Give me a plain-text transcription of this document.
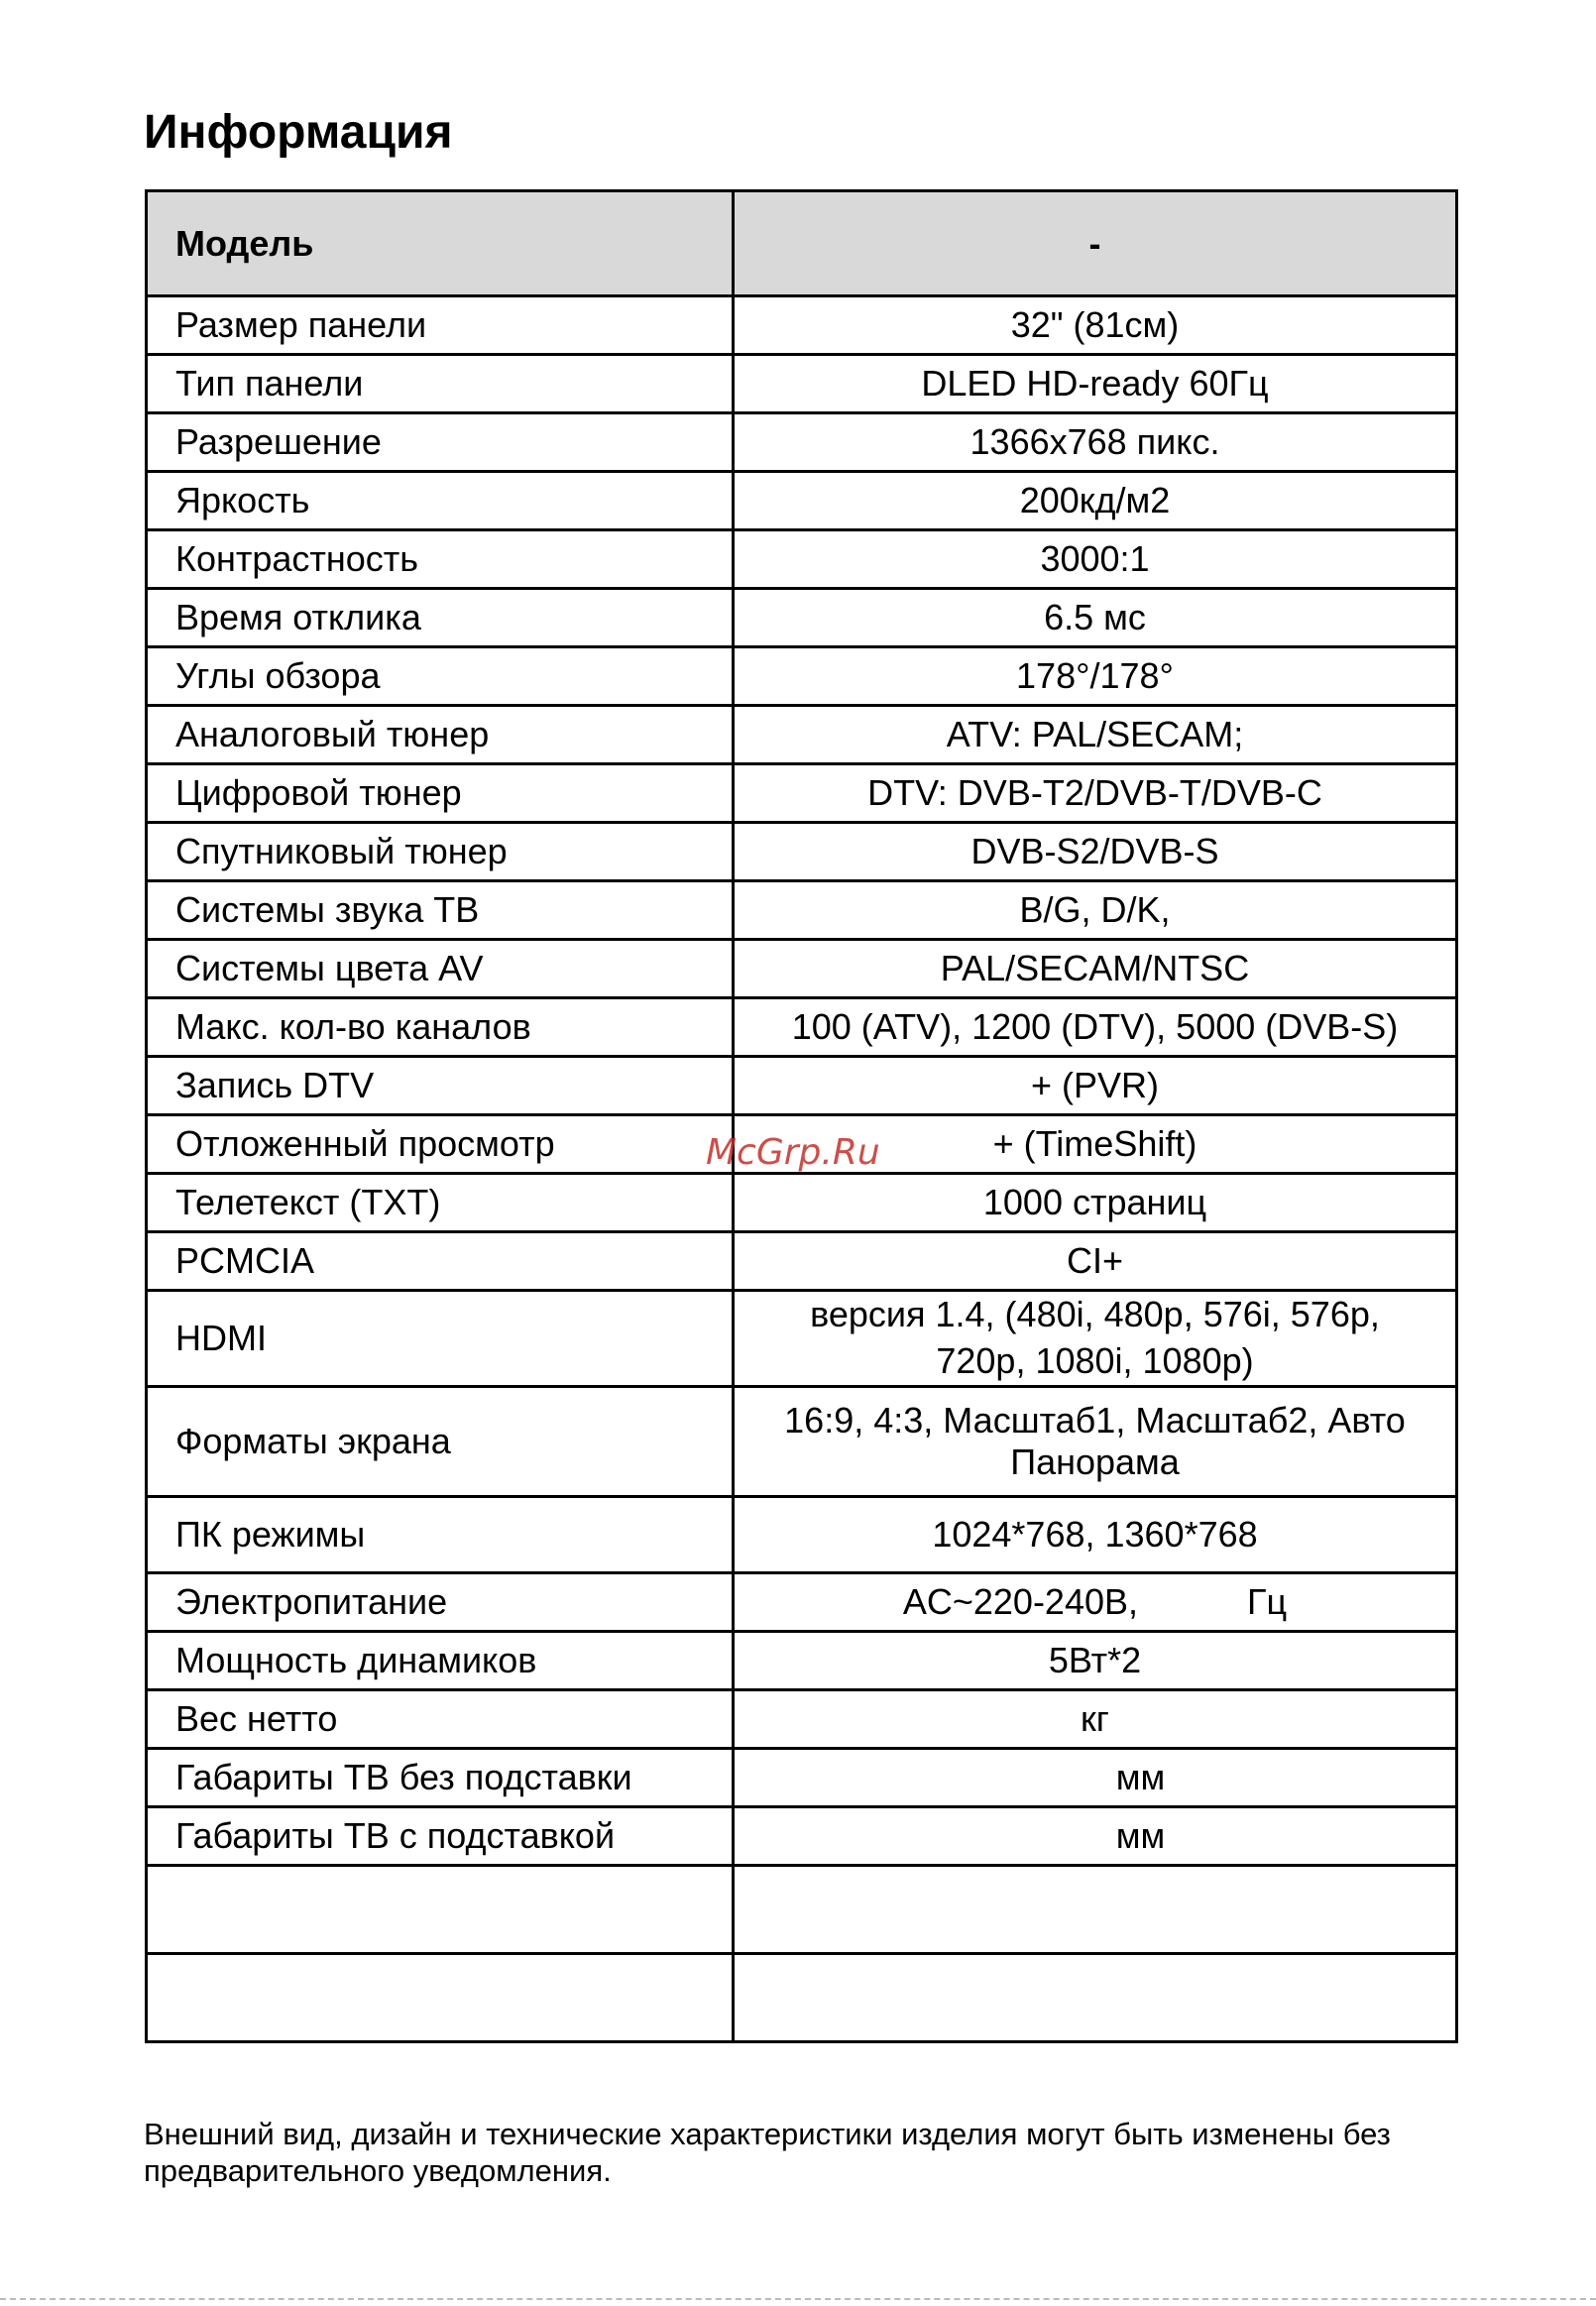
Информация
Модель	-
Размер панели	32" (81см)
Тип панели	DLED HD-ready 60Гц
Разрешение	1366x768 пикс.
Яркость	200кд/м2
Контрастность	3000:1
Время отклика	6.5 мс
Углы обзора	178°/178°
Аналоговый тюнер	ATV: PAL/SECAM;
Цифровой тюнер	DTV: DVB-T2/DVB-T/DVB-C
Спутниковый тюнер	DVB-S2/DVB-S
Системы звука ТВ	B/G, D/K,
Системы цвета AV	PAL/SECAM/NTSC
Макс. кол-во каналов	100 (ATV), 1200 (DTV), 5000 (DVB-S)
Запись DTV	+ (PVR)
Отложенный просмотр	+ (TimeShift)
Телетекст (TXT)	1000 страниц
PCMCIA	CI+
HDMI	версия 1.4, (480i, 480p, 576i, 576p, 720p, 1080i, 1080p)
Форматы экрана	16:9, 4:3, Масштаб1, Масштаб2, Авто Панорама
ПК режимы	1024*768, 1360*768
Электропитание	AC~220-240В,           Гц
Мощность динамиков	5Вт*2
Вес нетто	кг
Габариты ТВ без подставки	мм
Габариты ТВ с подставкой	мм

McGrp.Ru

Внешний вид, дизайн и технические характеристики изделия могут быть изменены без предварительного уведомления.
